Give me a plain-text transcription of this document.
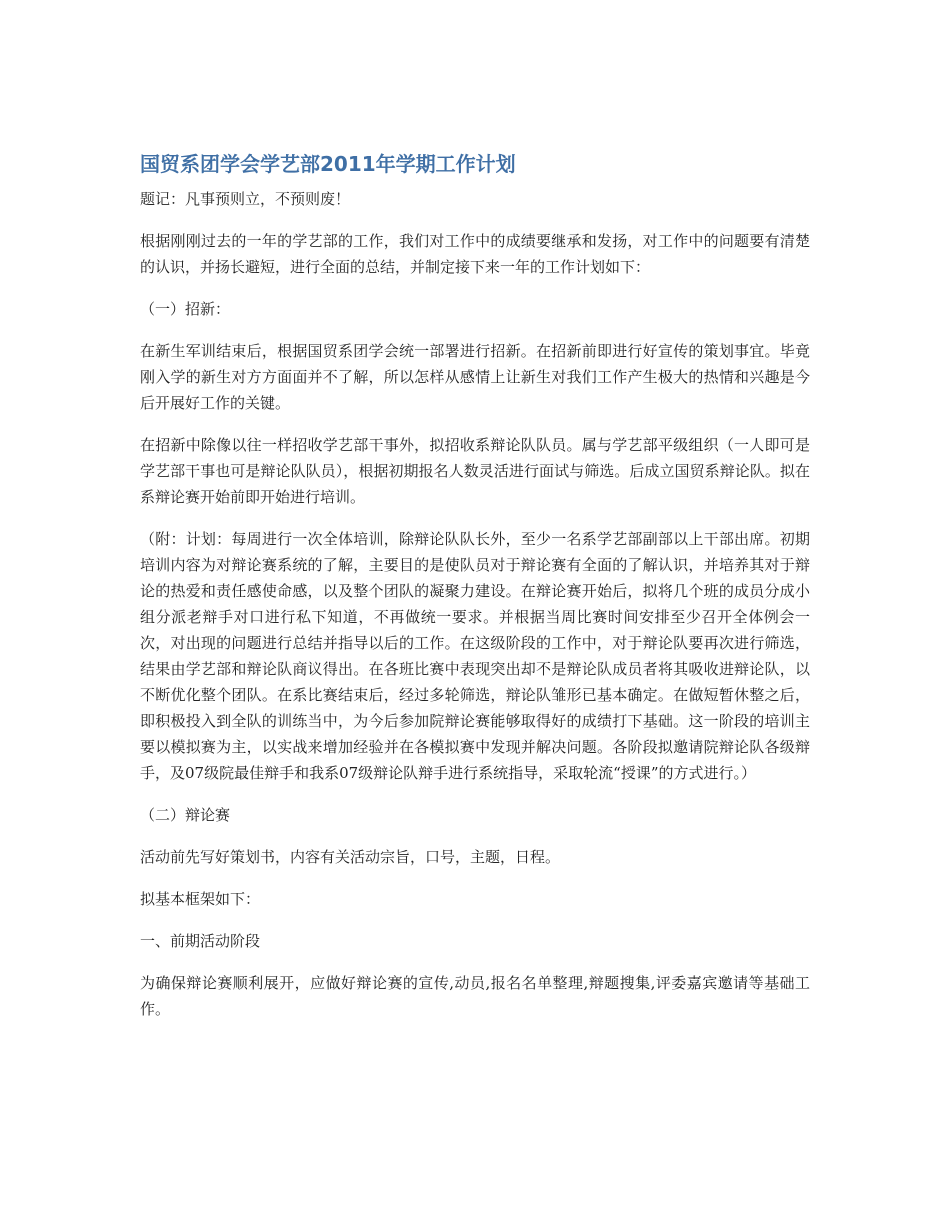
国贸系团学会学艺部2011年学期工作计划

题记：凡事预则立，不预则废！

根据刚刚过去的一年的学艺部的工作，我们对工作中的成绩要继承和发扬，对工作中的问题要有清楚的认识，并扬长避短，进行全面的总结，并制定接下来一年的工作计划如下：

（一）招新：

在新生军训结束后，根据国贸系团学会统一部署进行招新。在招新前即进行好宣传的策划事宜。毕竟刚入学的新生对方方面面并不了解，所以怎样从感情上让新生对我们工作产生极大的热情和兴趣是今后开展好工作的关键。

在招新中除像以往一样招收学艺部干事外，拟招收系辩论队队员。属与学艺部平级组织（一人即可是学艺部干事也可是辩论队队员），根据初期报名人数灵活进行面试与筛选。后成立国贸系辩论队。拟在系辩论赛开始前即开始进行培训。

（附：计划：每周进行一次全体培训，除辩论队队长外，至少一名系学艺部副部以上干部出席。初期培训内容为对辩论赛系统的了解，主要目的是使队员对于辩论赛有全面的了解认识，并培养其对于辩论的热爱和责任感使命感，以及整个团队的凝聚力建设。在辩论赛开始后，拟将几个班的成员分成小组分派老辩手对口进行私下知道，不再做统一要求。并根据当周比赛时间安排至少召开全体例会一次，对出现的问题进行总结并指导以后的工作。在这级阶段的工作中，对于辩论队要再次进行筛选，结果由学艺部和辩论队商议得出。在各班比赛中表现突出却不是辩论队成员者将其吸收进辩论队，以不断优化整个团队。在系比赛结束后，经过多轮筛选，辩论队雏形已基本确定。在做短暂休整之后，即积极投入到全队的训练当中，为今后参加院辩论赛能够取得好的成绩打下基础。这一阶段的培训主要以模拟赛为主，以实战来增加经验并在各模拟赛中发现并解决问题。各阶段拟邀请院辩论队各级辩手，及07级院最佳辩手和我系07级辩论队辩手进行系统指导，采取轮流“授课”的方式进行。）

（二）辩论赛

活动前先写好策划书，内容有关活动宗旨，口号，主题，日程。

拟基本框架如下：

一、前期活动阶段

为确保辩论赛顺利展开，应做好辩论赛的宣传,动员,报名名单整理,辩题搜集,评委嘉宾邀请等基础工作。
